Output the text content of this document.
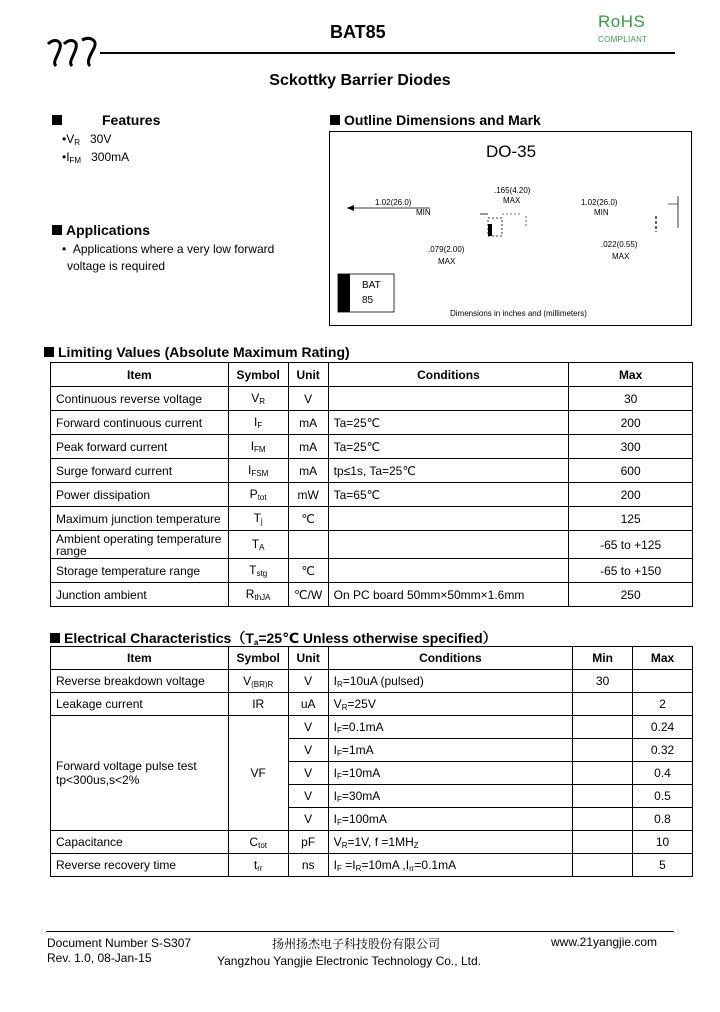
BAT85
RoHS
COMPLIANT
Sckottky Barrier Diodes
Features
$•V_R$ 30V
$•I_{FM}$ 300mA
Applications
•  Applications where a very low forward
voltage is required
Outline Dimensions and Mark
DO-35
1.02(26.0)
MIN
.165(4.20)
MAX	1.02(26.0)
MIN
.079(2.00)
MAX
.022(0.55)
MAX
BAT
85
Dimensions in inches and (millimeters)
Limiting Values (Absolute Maximum Rating)
Item	Symbol	Unit	Conditions	Max
Continuous reverse voltage	$V_R$	V		30
Forward continuous current	$I_F$	mA	Ta=25℃	200
Peak forward current	$I_{FM}$	mA	Ta=25℃	300
Surge forward current	$I_{FSM}$	mA	tp≤1s, Ta=25℃	600
Power dissipation	$P_{tot}$	mW	Ta=65℃	200
Maximum junction temperature	$T_j$	℃		125
Ambient operating temperature range	$T_A$			-65 to +125
Storage temperature range	$T_{stg}$	℃		-65 to +150
Junction ambient	$R_{thJA}$	℃/W	On PC board 50mm×50mm×1.6mm	250
Electrical $Characteristics(T_a=25℃$ Unless otherwise specified）
Item	Symbol	Unit	Conditions	Min	Max
Reverse breakdown voltage	$V_{(BR)R}$	V	$I_R=10uA$ (pulsed)	30	
Leakage current	IR	uA	$V_R=25V$		2

Forward voltage pulse test
tp<300us,s<2%	VF	V	$I_F=0.1mA$		0.24
		V	$I_F=1mA$		0.32
		V	$I_F=10mA$		0.4
		V	$I_F=30mA$		0.5
		V	$I_F=100mA$		0.8
Capacitance	$C_{tot}$	pF	$V_R=1V$, $f =1MH_Z$		10
Reverse recovery time	$t_{rr}$	ns	$I_F =I_R=10mA$ $,I_{rr}=0.1mA$		5
Document Number S-S307
Rev. 1.0, 08-Jan-15
扬州扬杰电子科技股份有限公司
Yangzhou Yangjie Electronic Technology Co., Ltd.
www.21yangjie.com
